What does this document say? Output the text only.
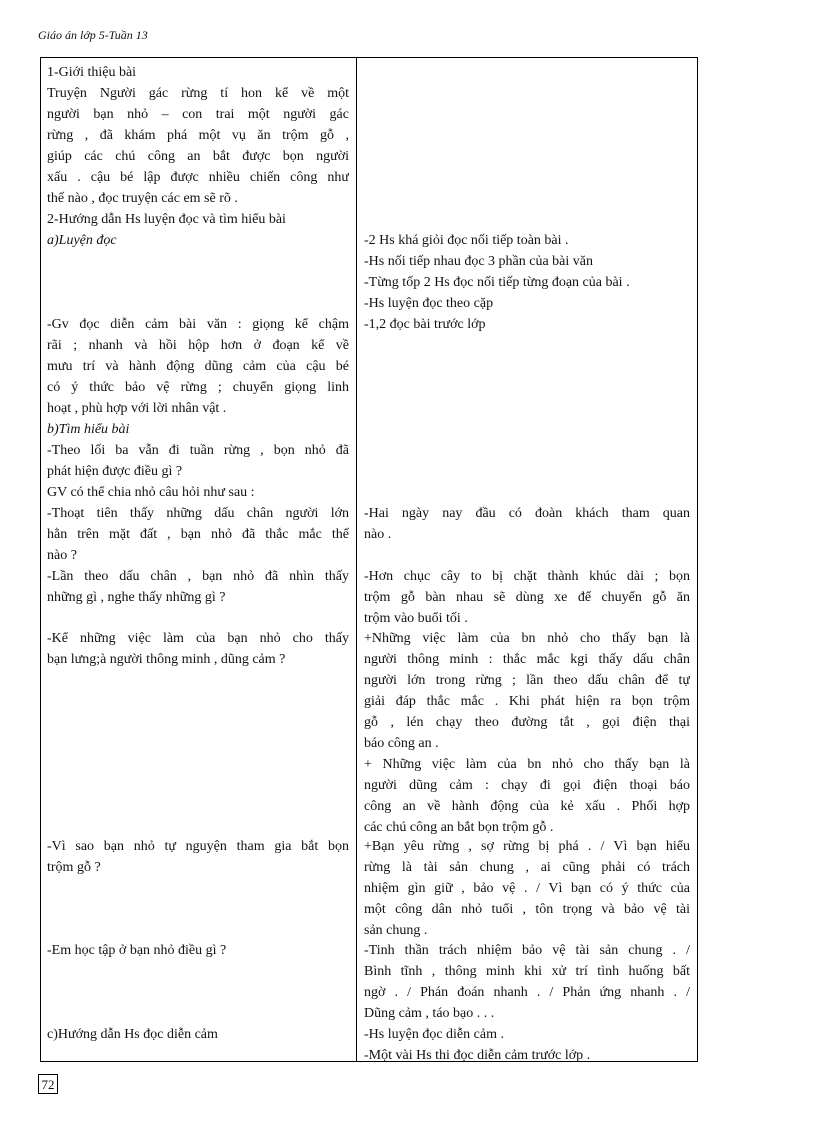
Giáo án lớp 5-Tuần 13
1-Giới thiệu bài
Truyện Người gác rừng tí hon kể về một
người bạn nhỏ – con trai một người gác
rừng , đã khám phá một vụ ăn trộm gỗ ,
giúp các chú công an bắt được bọn người
xấu . cậu bé lập được nhiều chiến công như
thế nào , đọc truyện các em sẽ rõ .
2-Hướng dẫn Hs luyện đọc và tìm hiểu bài
a)Luyện đọc
-Gv đọc diễn cảm bài văn : giọng kể chậm
rãi ; nhanh và hồi hộp hơn ở đoạn kể về
mưu trí và hành động dũng cảm của cậu bé
có ý thức bảo vệ rừng ; chuyển giọng linh
hoạt , phù hợp với lời nhân vật .
b)Tìm hiểu bài
-Theo lối ba vẫn đi tuần rừng , bọn nhỏ đã
phát hiện được điều gì ?
GV có thể chia nhỏ câu hỏi như sau :
-Thoạt tiên thấy những dấu chân người lớn
hằn trên mặt đất , bạn nhỏ đã thắc mắc thế
nào ?
-Lần theo dấu chân , bạn nhỏ đã nhìn thấy
những gì , nghe thấy những gì ?
-Kể những việc làm của bạn nhỏ cho thấy
bạn lưng;à người thông minh , dũng cảm ?
-Vì sao bạn nhỏ tự nguyện tham gia bắt bọn
trộm gỗ ?
-Em học tập ở bạn nhỏ điều gì ?
c)Hướng dẫn Hs đọc diễn cảm
-2 Hs khá giỏi đọc nối tiếp toàn bài .
-Hs nối tiếp nhau đọc 3 phần của bài văn
-Từng tốp 2 Hs đọc nối tiếp từng đoạn của bài .
-Hs luyện đọc theo cặp
-1,2 đọc bài trước lớp
-Hai ngày nay đầu có đoàn khách tham quan
nào .
-Hơn chục cây to bị chặt thành khúc dài ; bọn
trộm gỗ bàn nhau sẽ dùng xe để chuyển gỗ ăn
trộm vào buổi tối .
+Những việc làm của bn nhỏ cho thấy bạn là
người thông minh : thắc mắc kgi thấy dấu chân
người lớn trong rừng ; lần theo dấu chân để tự
giải đáp thắc mắc . Khi phát hiện ra bọn trộm
gỗ , lén chạy theo đường tắt , gọi điện thại
báo công an .
+ Những việc làm của bn nhỏ cho thấy bạn là
người dũng cảm : chạy đi gọi điện thoại báo
công an về hành động của kẻ xấu . Phối hợp
các chú công an bắt bọn trộm gỗ .
+Bạn yêu rừng , sợ rừng bị phá . / Vì bạn hiểu
rừng là tài sản chung , ai cũng phải có trách
nhiệm gìn giữ , bảo vệ . / Vì bạn có ý thức của
một công dân nhỏ tuổi , tôn trọng và bảo vệ tài
sản chung .
-Tinh thần trách nhiệm bảo vệ tài sản chung . /
Bình tĩnh , thông minh khi xử trí tình huống bất
ngờ . / Phán đoán nhanh . / Phản ứng nhanh . /
Dũng cảm , táo bạo . . .
-Hs luyện đọc diễn cảm .
-Một vài Hs thi đọc diễn cảm trước lớp .
72
